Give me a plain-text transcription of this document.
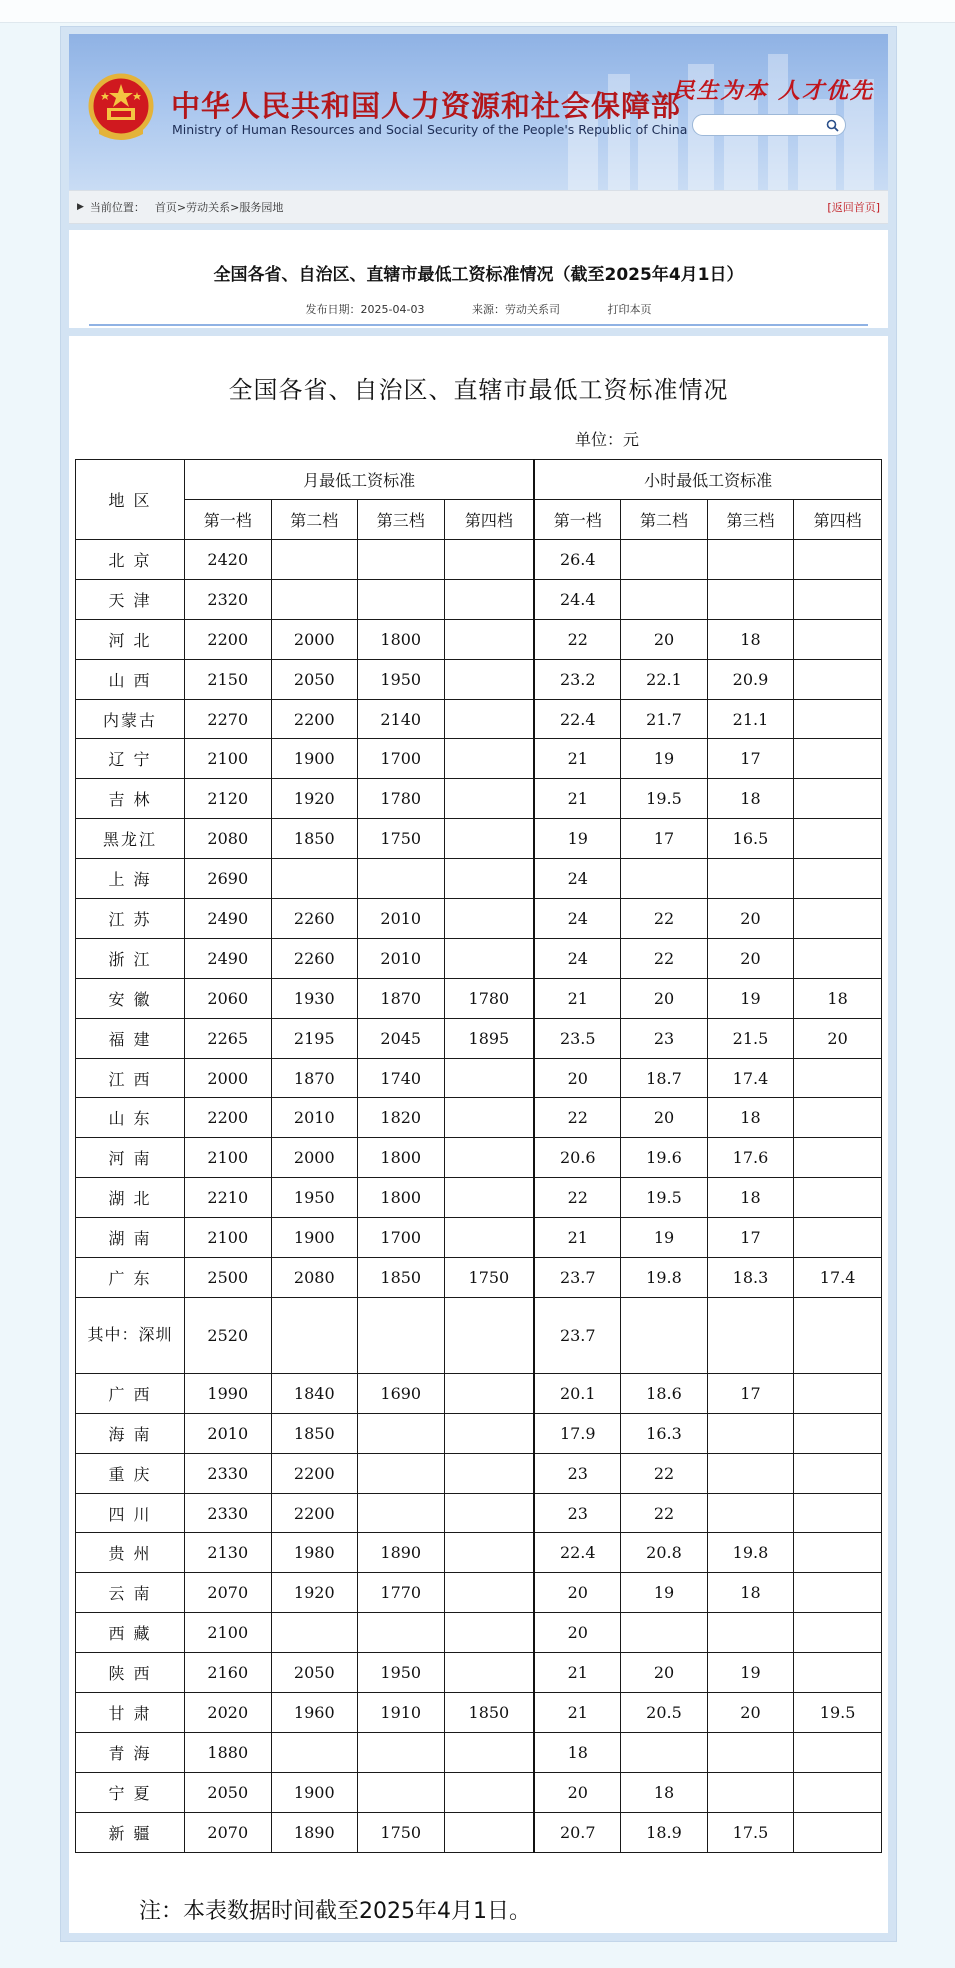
中华人民共和国人力资源和社会保障部
Ministry of Human Resources and Social Security of the People's Republic of China
民生为本 人才优先
▶ 当前位置： 首页>劳动关系>服务园地	[返回首页]
全国各省、自治区、直辖市最低工资标准情况（截至2025年4月1日）
发布日期：2025-04-03	来源：劳动关系司	打印本页
全国各省、自治区、直辖市最低工资标准情况
单位：元
地 区	月最低工资标准				小时最低工资标准			
	第一档	第二档	第三档	第四档	第一档	第二档	第三档	第四档
北 京	2420				26.4			
天 津	2320				24.4			
河 北	2200	2000	1800		22	20	18	
山 西	2150	2050	1950		23.2	22.1	20.9	
内蒙古	2270	2200	2140		22.4	21.7	21.1	
辽 宁	2100	1900	1700		21	19	17	
吉 林	2120	1920	1780		21	19.5	18	
黑龙江	2080	1850	1750		19	17	16.5	
上 海	2690				24			
江 苏	2490	2260	2010		24	22	20	
浙 江	2490	2260	2010		24	22	20	
安 徽	2060	1930	1870	1780	21	20	19	18
福 建	2265	2195	2045	1895	23.5	23	21.5	20
江 西	2000	1870	1740		20	18.7	17.4	
山 东	2200	2010	1820		22	20	18	
河 南	2100	2000	1800		20.6	19.6	17.6	
湖 北	2210	1950	1800		22	19.5	18	
湖 南	2100	1900	1700		21	19	17	
广 东	2500	2080	1850	1750	23.7	19.8	18.3	17.4
其中：深圳	2520				23.7			
广 西	1990	1840	1690		20.1	18.6	17	
海 南	2010	1850			17.9	16.3		
重 庆	2330	2200			23	22		
四 川	2330	2200			23	22		
贵 州	2130	1980	1890		22.4	20.8	19.8	
云 南	2070	1920	1770		20	19	18	
西 藏	2100				20			
陕 西	2160	2050	1950		21	20	19	
甘 肃	2020	1960	1910	1850	21	20.5	20	19.5
青 海	1880				18			
宁 夏	2050	1900			20	18		
新 疆	2070	1890	1750		20.7	18.9	17.5	
注：本表数据时间截至2025年4月1日。
